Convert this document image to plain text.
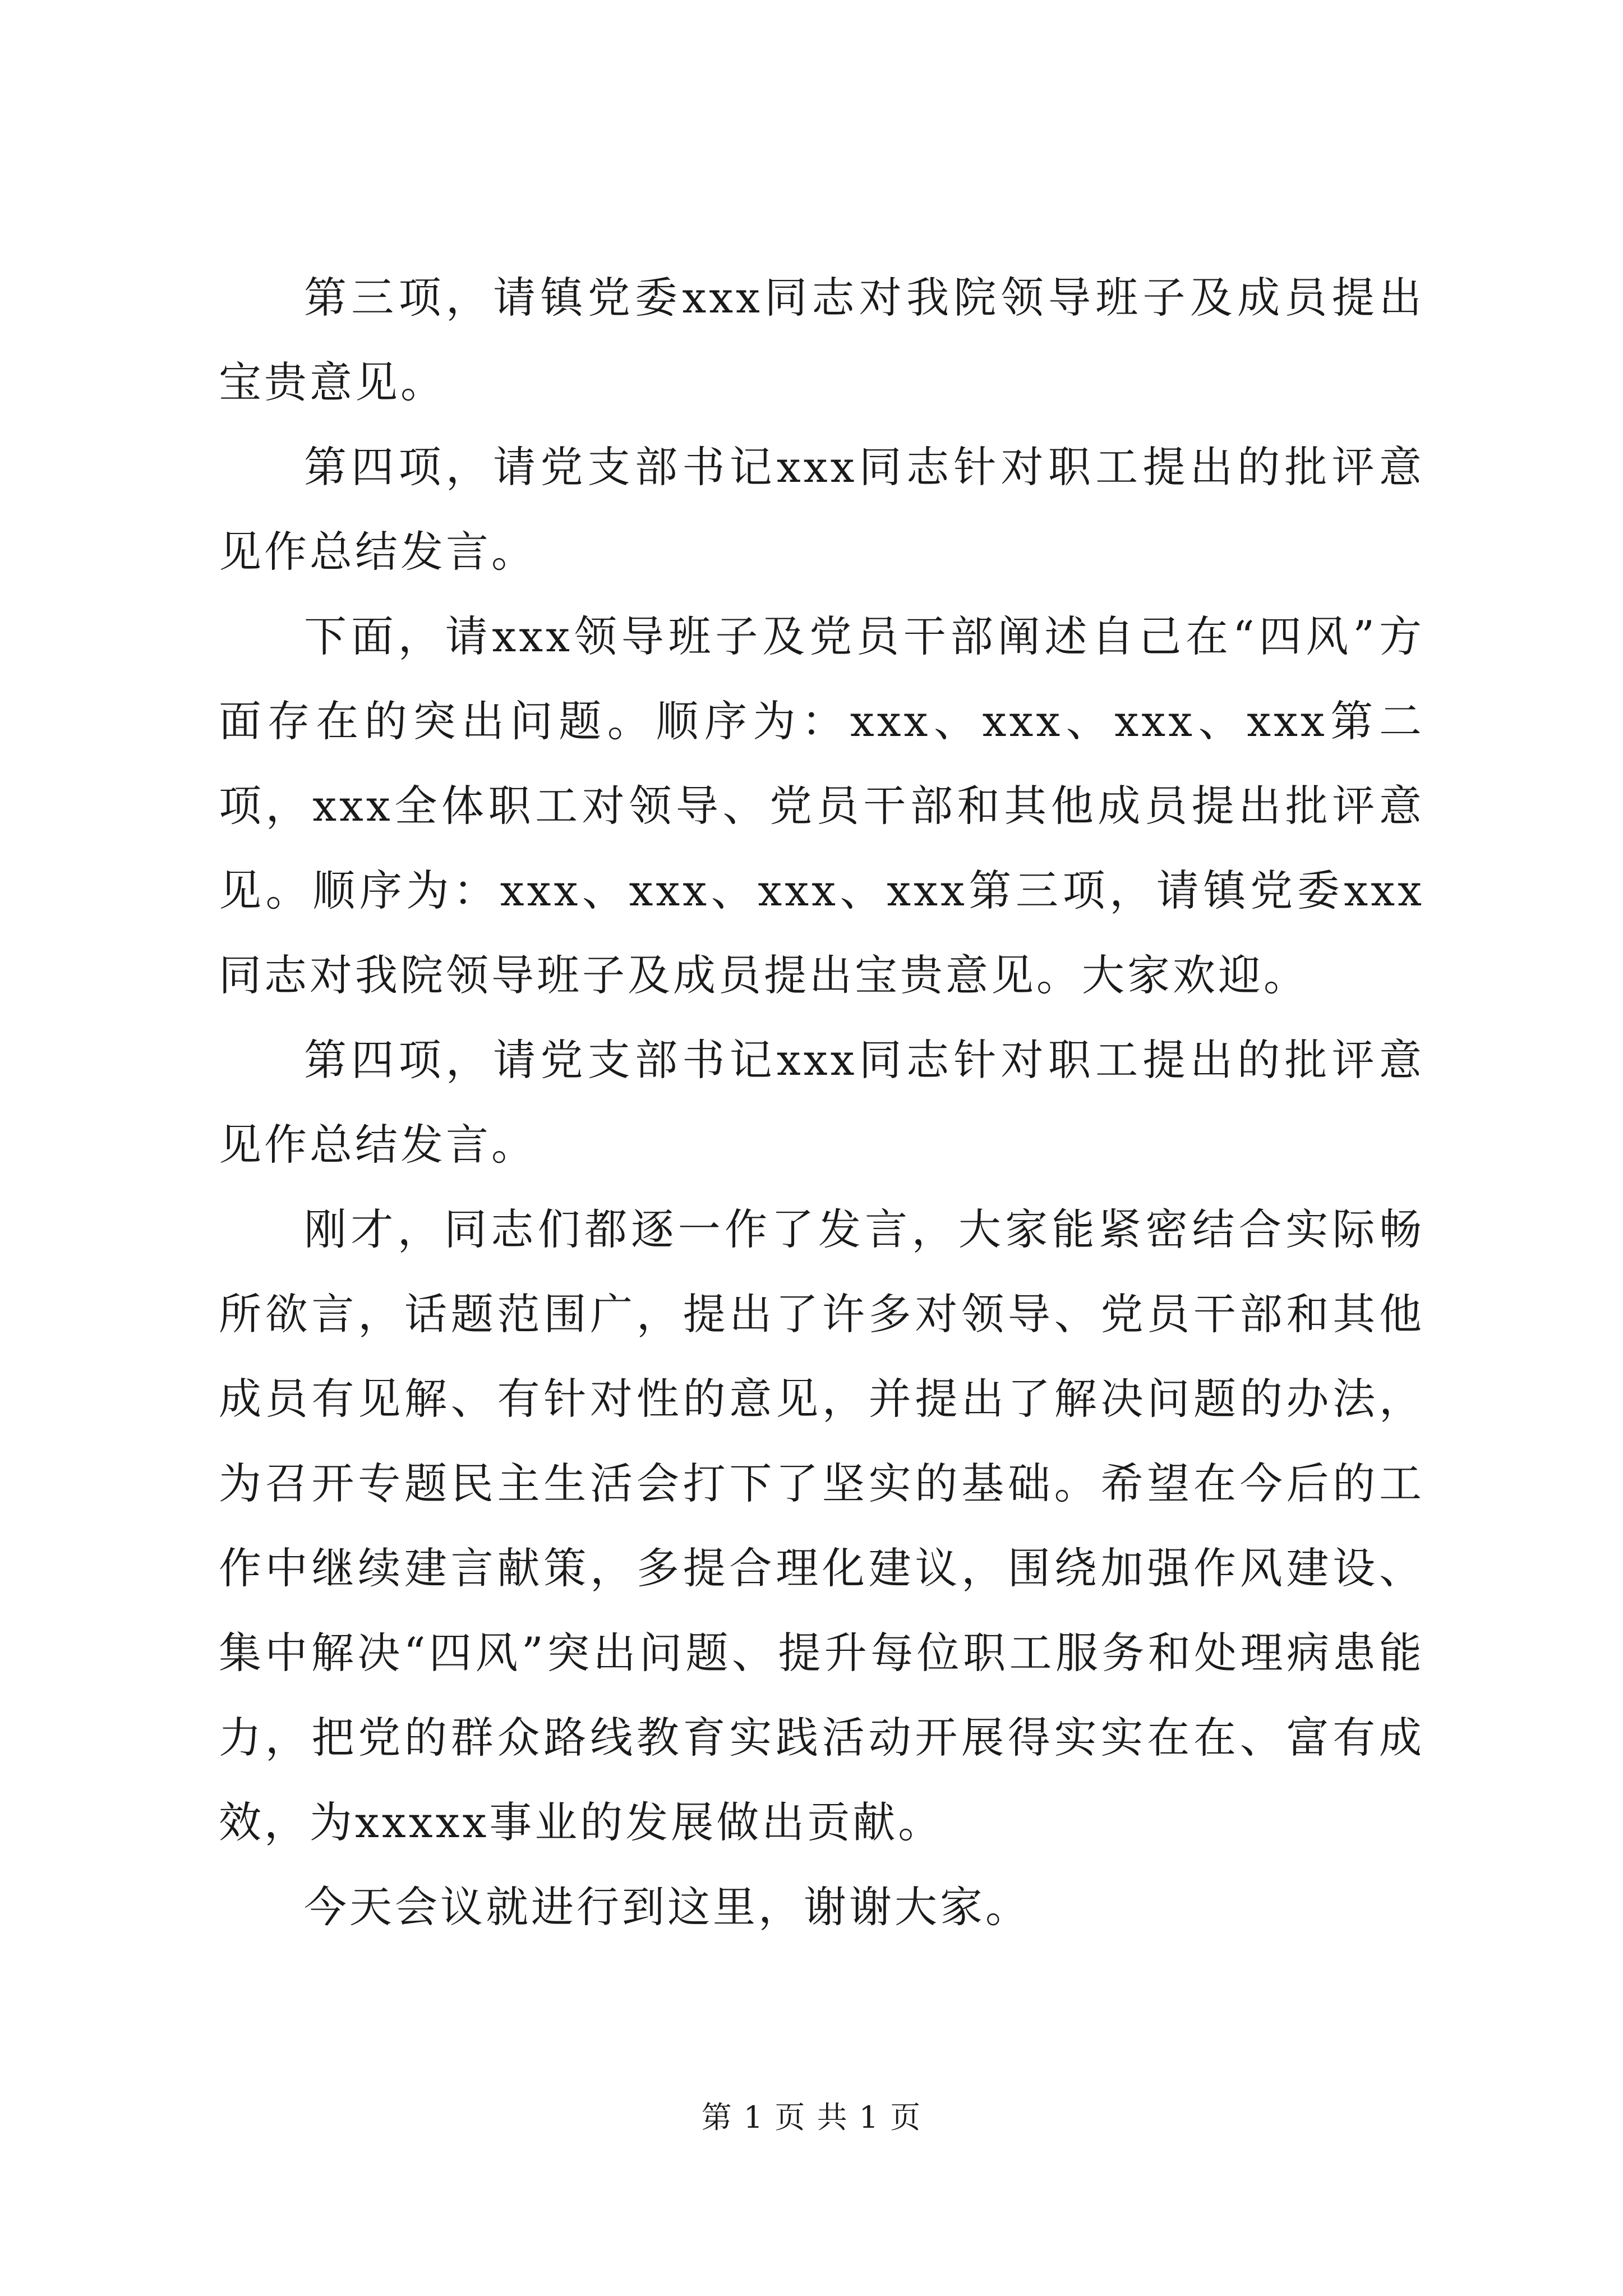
第三项，请镇党委xxx同志对我院领导班子及成员提出宝贵意见。

第四项，请党支部书记xxx同志针对职工提出的批评意见作总结发言。

下面，请xxx领导班子及党员干部阐述自己在“四风”方面存在的突出问题。顺序为：xxx、xxx、xxx、xxx第二项，xxx全体职工对领导、党员干部和其他成员提出批评意见。顺序为：xxx、xxx、xxx、xxx第三项，请镇党委xxx同志对我院领导班子及成员提出宝贵意见。大家欢迎。

第四项，请党支部书记xxx同志针对职工提出的批评意见作总结发言。

刚才，同志们都逐一作了发言，大家能紧密结合实际畅所欲言，话题范围广，提出了许多对领导、党员干部和其他成员有见解、有针对性的意见，并提出了解决问题的办法，为召开专题民主生活会打下了坚实的基础。希望在今后的工作中继续建言献策，多提合理化建议，围绕加强作风建设、集中解决“四风”突出问题、提升每位职工服务和处理病患能力，把党的群众路线教育实践活动开展得实实在在、富有成效，为xxxxx事业的发展做出贡献。

今天会议就进行到这里，谢谢大家。

第 1 页 共 1 页
